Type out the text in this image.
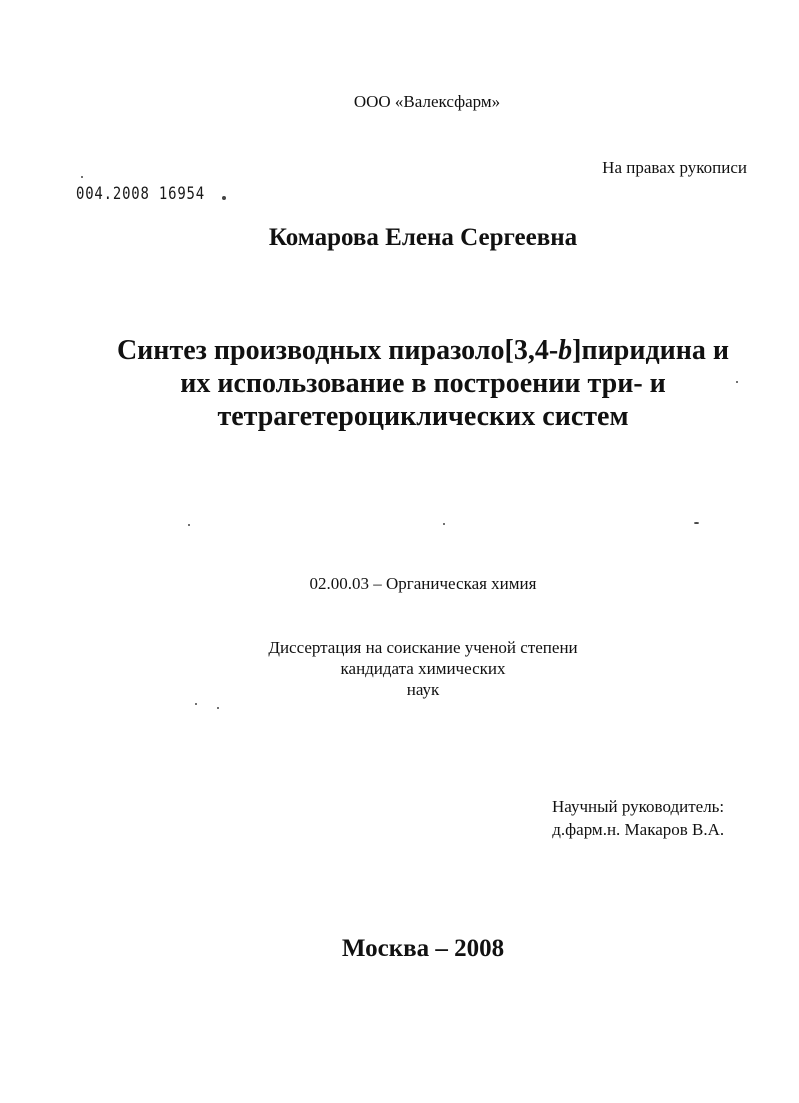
ООО «Валексфарм»
На правах рукописи
004.2008 16954
Комарова Елена Сергеевна
Синтез производных пиразоло[3,4-b]пиридина и
их использование в построении три- и
тетрагетероциклических систем
02.00.03 – Органическая химия
Диссертация на соискание ученой степени
кандидата химических
наук
Научный руководитель:
д.фарм.н. Макаров В.А.
Москва – 2008
